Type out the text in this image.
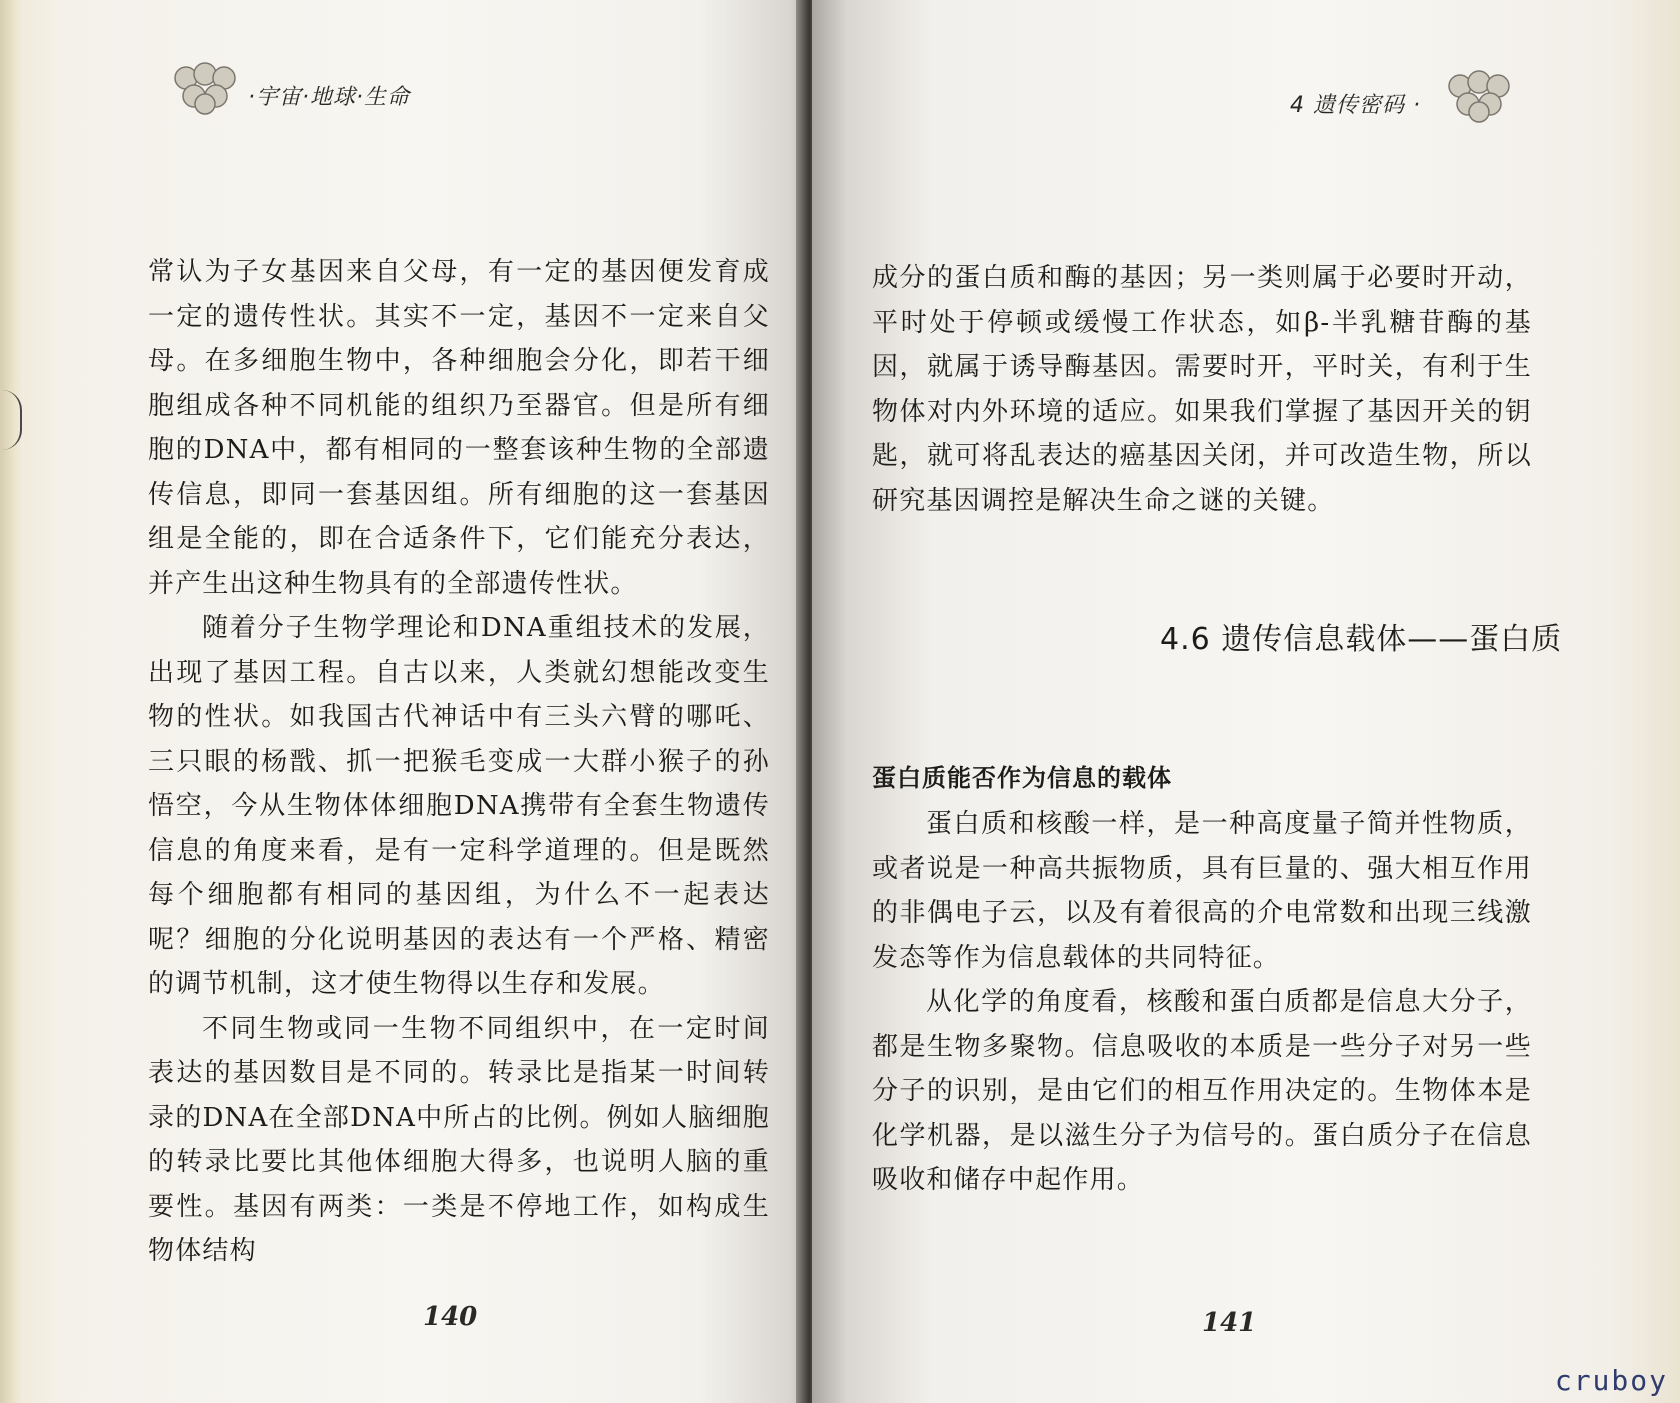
·宇宙·地球·生命

常认为子女基因来自父母，有一定的基因便发育成一定的遗传性状。其实不一定，基因不一定来自父母。在多细胞生物中，各种细胞会分化，即若干细胞组成各种不同机能的组织乃至器官。但是所有细胞的DNA中，都有相同的一整套该种生物的全部遗传信息，即同一套基因组。所有细胞的这一套基因组是全能的，即在合适条件下，它们能充分表达，并产生出这种生物具有的全部遗传性状。

随着分子生物学理论和DNA重组技术的发展，出现了基因工程。自古以来，人类就幻想能改变生物的性状。如我国古代神话中有三头六臂的哪吒、三只眼的杨戬、抓一把猴毛变成一大群小猴子的孙悟空，今从生物体体细胞DNA携带有全套生物遗传信息的角度来看，是有一定科学道理的。但是既然每个细胞都有相同的基因组，为什么不一起表达呢？细胞的分化说明基因的表达有一个严格、精密的调节机制，这才使生物得以生存和发展。

不同生物或同一生物不同组织中，在一定时间表达的基因数目是不同的。转录比是指某一时间转录的DNA在全部DNA中所占的比例。例如人脑细胞的转录比要比其他体细胞大得多，也说明人脑的重要性。基因有两类：一类是不停地工作，如构成生物体结构

140
4 遗传密码 ·

成分的蛋白质和酶的基因；另一类则属于必要时开动，平时处于停顿或缓慢工作状态，如β-半乳糖苷酶的基因，就属于诱导酶基因。需要时开，平时关，有利于生物体对内外环境的适应。如果我们掌握了基因开关的钥匙，就可将乱表达的癌基因关闭，并可改造生物，所以研究基因调控是解决生命之谜的关键。

4.6 遗传信息载体——蛋白质
蛋白质能否作为信息的载体

蛋白质和核酸一样，是一种高度量子简并性物质，或者说是一种高共振物质，具有巨量的、强大相互作用的非偶电子云，以及有着很高的介电常数和出现三线激发态等作为信息载体的共同特征。

从化学的角度看，核酸和蛋白质都是信息大分子，都是生物多聚物。信息吸收的本质是一些分子对另一些分子的识别，是由它们的相互作用决定的。生物体本是化学机器，是以滋生分子为信号的。蛋白质分子在信息吸收和储存中起作用。

141
cruboy
